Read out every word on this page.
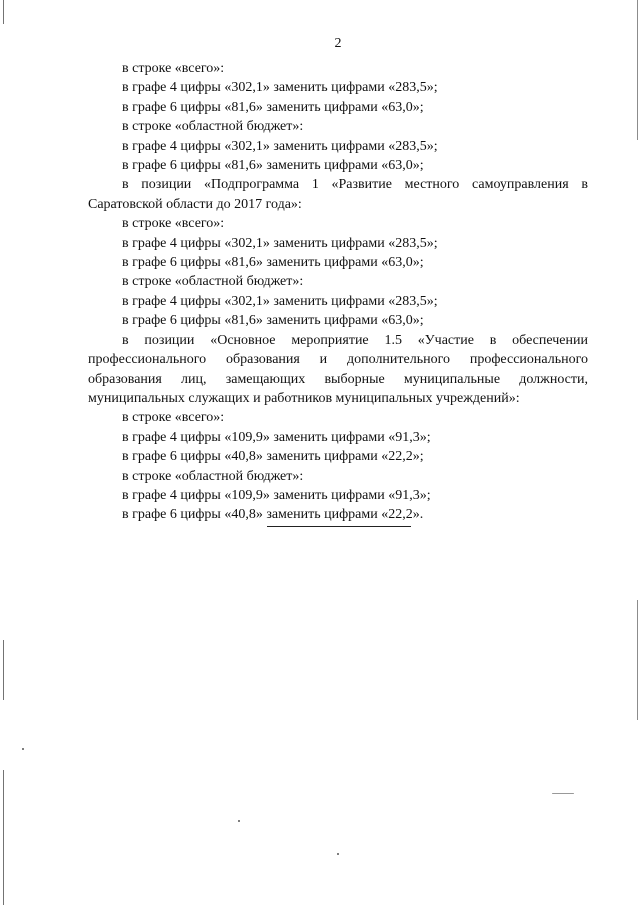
2
в строке «всего»:
в графе 4 цифры «302,1» заменить цифрами «283,5»;
в графе 6 цифры «81,6» заменить цифрами «63,0»;
в строке «областной бюджет»:
в графе 4 цифры «302,1» заменить цифрами «283,5»;
в графе 6 цифры «81,6» заменить цифрами «63,0»;
в позиции «Подпрограмма 1 «Развитие местного самоуправления в Саратовской области до 2017 года»:
в строке «всего»:
в графе 4 цифры «302,1» заменить цифрами «283,5»;
в графе 6 цифры «81,6» заменить цифрами «63,0»;
в строке «областной бюджет»:
в графе 4 цифры «302,1» заменить цифрами «283,5»;
в графе 6 цифры «81,6» заменить цифрами «63,0»;
в позиции «Основное мероприятие 1.5 «Участие в обеспечении профессионального образования и дополнительного профессионального образования лиц, замещающих выборные муниципальные должности, муниципальных служащих и работников муниципальных учреждений»:
в строке «всего»:
в графе 4 цифры «109,9» заменить цифрами «91,3»;
в графе 6 цифры «40,8» заменить цифрами «22,2»;
в строке «областной бюджет»:
в графе 4 цифры «109,9» заменить цифрами «91,3»;
в графе 6 цифры «40,8» заменить цифрами «22,2».
